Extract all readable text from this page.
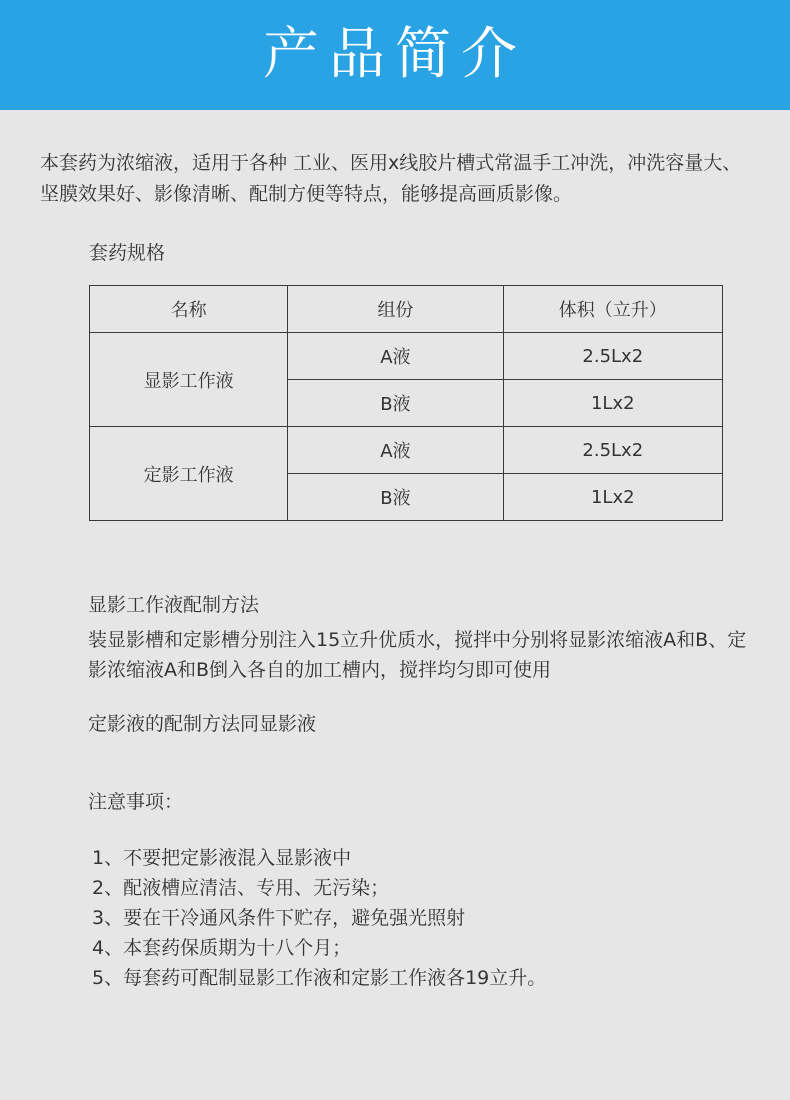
产品简介
本套药为浓缩液，适用于各种 工业、医用x线胶片槽式常温手工冲洗，冲洗容量大、坚膜效果好、影像清晰、配制方便等特点，能够提高画质影像。
套药规格
名称	组份	体积（立升）
显影工作液	A液	2.5Lx2
	B液	1Lx2
定影工作液	A液	2.5Lx2
	B液	1Lx2
显影工作液配制方法
装显影槽和定影槽分别注入15立升优质水，搅拌中分别将显影浓缩液A和B、定影浓缩液A和B倒入各自的加工槽内，搅拌均匀即可使用
定影液的配制方法同显影液
注意事项：
1、不要把定影液混入显影液中
2、配液槽应清洁、专用、无污染；
3、要在干冷通风条件下贮存，避免强光照射
4、本套药保质期为十八个月；
5、每套药可配制显影工作液和定影工作液各19立升。
